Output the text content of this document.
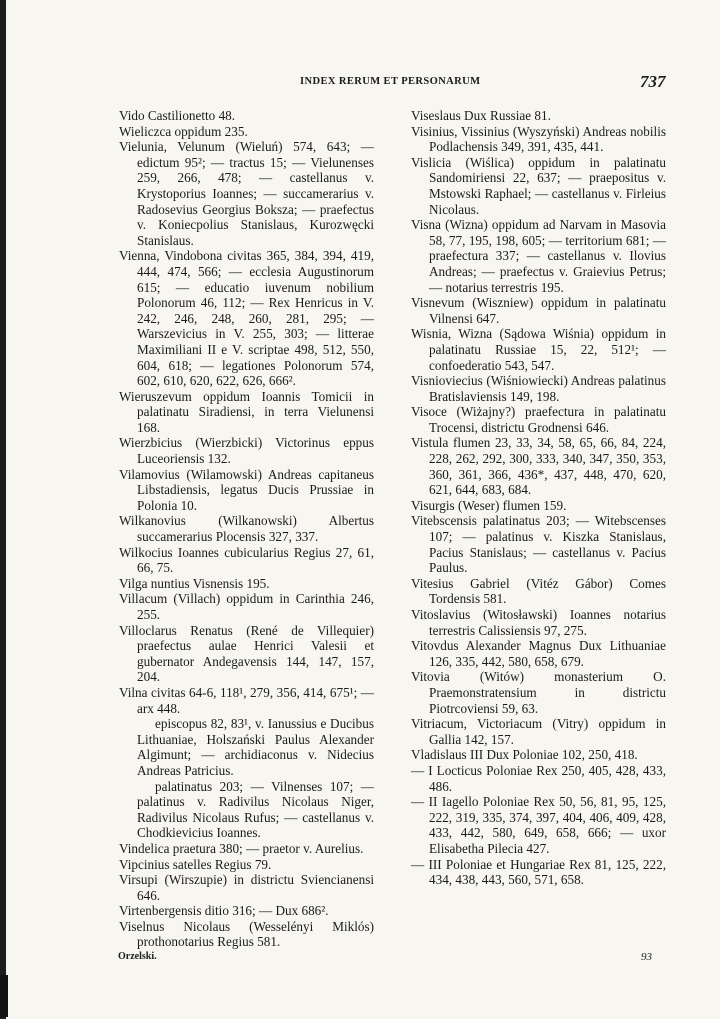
INDEX RERUM ET PERSONARUM	737

Vido Castilionetto 48.

Wieliczca oppidum 235.

Vielunia, Velunum (Wieluń) 574, 643; — edictum 95²; — tractus 15; — Vielunenses 259, 266, 478; — castellanus v. Krystoporius Ioannes; — succamerarius v. Radosevius Georgius Boksza; — praefectus v. Koniecpolius Stanislaus, Kurozwęcki Stanislaus.

Vienna, Vindobona civitas 365, 384, 394, 419, 444, 474, 566; — ecclesia Augustinorum 615; — educatio iuvenum nobilium Polonorum 46, 112; — Rex Henricus in V. 242, 246, 248, 260, 281, 295; — Warszevicius in V. 255, 303; — litterae Maximiliani II e V. scriptae 498, 512, 550, 604, 618; — legationes Polonorum 574, 602, 610, 620, 622, 626, 666².

Wieruszevum oppidum Ioannis Tomicii in palatinatu Siradiensi, in terra Vielunensi 168.

Wierzbicius (Wierzbicki) Victorinus eppus Luceoriensis 132.

Vilamovius (Wilamowski) Andreas capitaneus Libstadiensis, legatus Ducis Prussiae in Polonia 10.

Wilkanovius (Wilkanowski) Albertus succamerarius Plocensis 327, 337.

Wilkocius Ioannes cubicularius Regius 27, 61, 66, 75.

Vilga nuntius Visnensis 195.

Villacum (Villach) oppidum in Carinthia 246, 255.

Villoclarus Renatus (René de Villequier) praefectus aulae Henrici Valesii et gubernator Andegavensis 144, 147, 157, 204.

Vilna civitas 64-6, 118¹, 279, 356, 414, 675¹; — arx 448.

episcopus 82, 83¹, v. Ianussius e Ducibus Lithuaniae, Holszański Paulus Alexander Algimunt; — archidiaconus v. Nidecius Andreas Patricius.

palatinatus 203; — Vilnenses 107; — palatinus v. Radivilus Nicolaus Niger, Radivilus Nicolaus Rufus; — castellanus v. Chodkievicius Ioannes.

Vindelica praetura 380; — praetor v. Aurelius.

Vipcinius satelles Regius 79.

Virsupi (Wirszupie) in districtu Sviencianensi 646.

Virtenbergensis ditio 316; — Dux 686².

Viselnus Nicolaus (Wesselényi Miklós) prothonotarius Regius 581.

Viseslaus Dux Russiae 81.

Visinius, Vissinius (Wyszyński) Andreas nobilis Podlachensis 349, 391, 435, 441.

Vislicia (Wiślica) oppidum in palatinatu Sandomiriensi 22, 637; — praepositus v. Mstowski Raphael; — castellanus v. Firleius Nicolaus.

Visna (Wizna) oppidum ad Narvam in Masovia 58, 77, 195, 198, 605; — territorium 681; — praefectura 337; — castellanus v. Ilovius Andreas; — praefectus v. Graievius Petrus; — notarius terrestris 195.

Visnevum (Wiszniew) oppidum in palatinatu Vilnensi 647.

Wisnia, Wizna (Sądowa Wiśnia) oppidum in palatinatu Russiae 15, 22, 512¹; — confoederatio 543, 547.

Visnioviecius (Wiśniowiecki) Andreas palatinus Bratislaviensis 149, 198.

Visoce (Wiżajny?) praefectura in palatinatu Trocensi, districtu Grodnensi 646.

Vistula flumen 23, 33, 34, 58, 65, 66, 84, 224, 228, 262, 292, 300, 333, 340, 347, 350, 353, 360, 361, 366, 436*, 437, 448, 470, 620, 621, 644, 683, 684.

Visurgis (Weser) flumen 159.

Vitebscensis palatinatus 203; — Witebscenses 107; — palatinus v. Kiszka Stanislaus, Pacius Stanislaus; — castellanus v. Pacius Paulus.

Vitesius Gabriel (Vitéz Gábor) Comes Tordensis 581.

Vitoslavius (Witosławski) Ioannes notarius terrestris Calissiensis 97, 275.

Vitovdus Alexander Magnus Dux Lithuaniae 126, 335, 442, 580, 658, 679.

Vitovia (Witów) monasterium O. Praemonstratensium in districtu Piotrcoviensi 59, 63.

Vitriacum, Victoriacum (Vitry) oppidum in Gallia 142, 157.

Vladislaus III Dux Poloniae 102, 250, 418.

— I Locticus Poloniae Rex 250, 405, 428, 433, 486.

— II Iagello Poloniae Rex 50, 56, 81, 95, 125, 222, 319, 335, 374, 397, 404, 406, 409, 428, 433, 442, 580, 649, 658, 666; — uxor Elisabetha Pilecia 427.

— III Poloniae et Hungariae Rex 81, 125, 222, 434, 438, 443, 560, 571, 658.

Orzelski.	93
